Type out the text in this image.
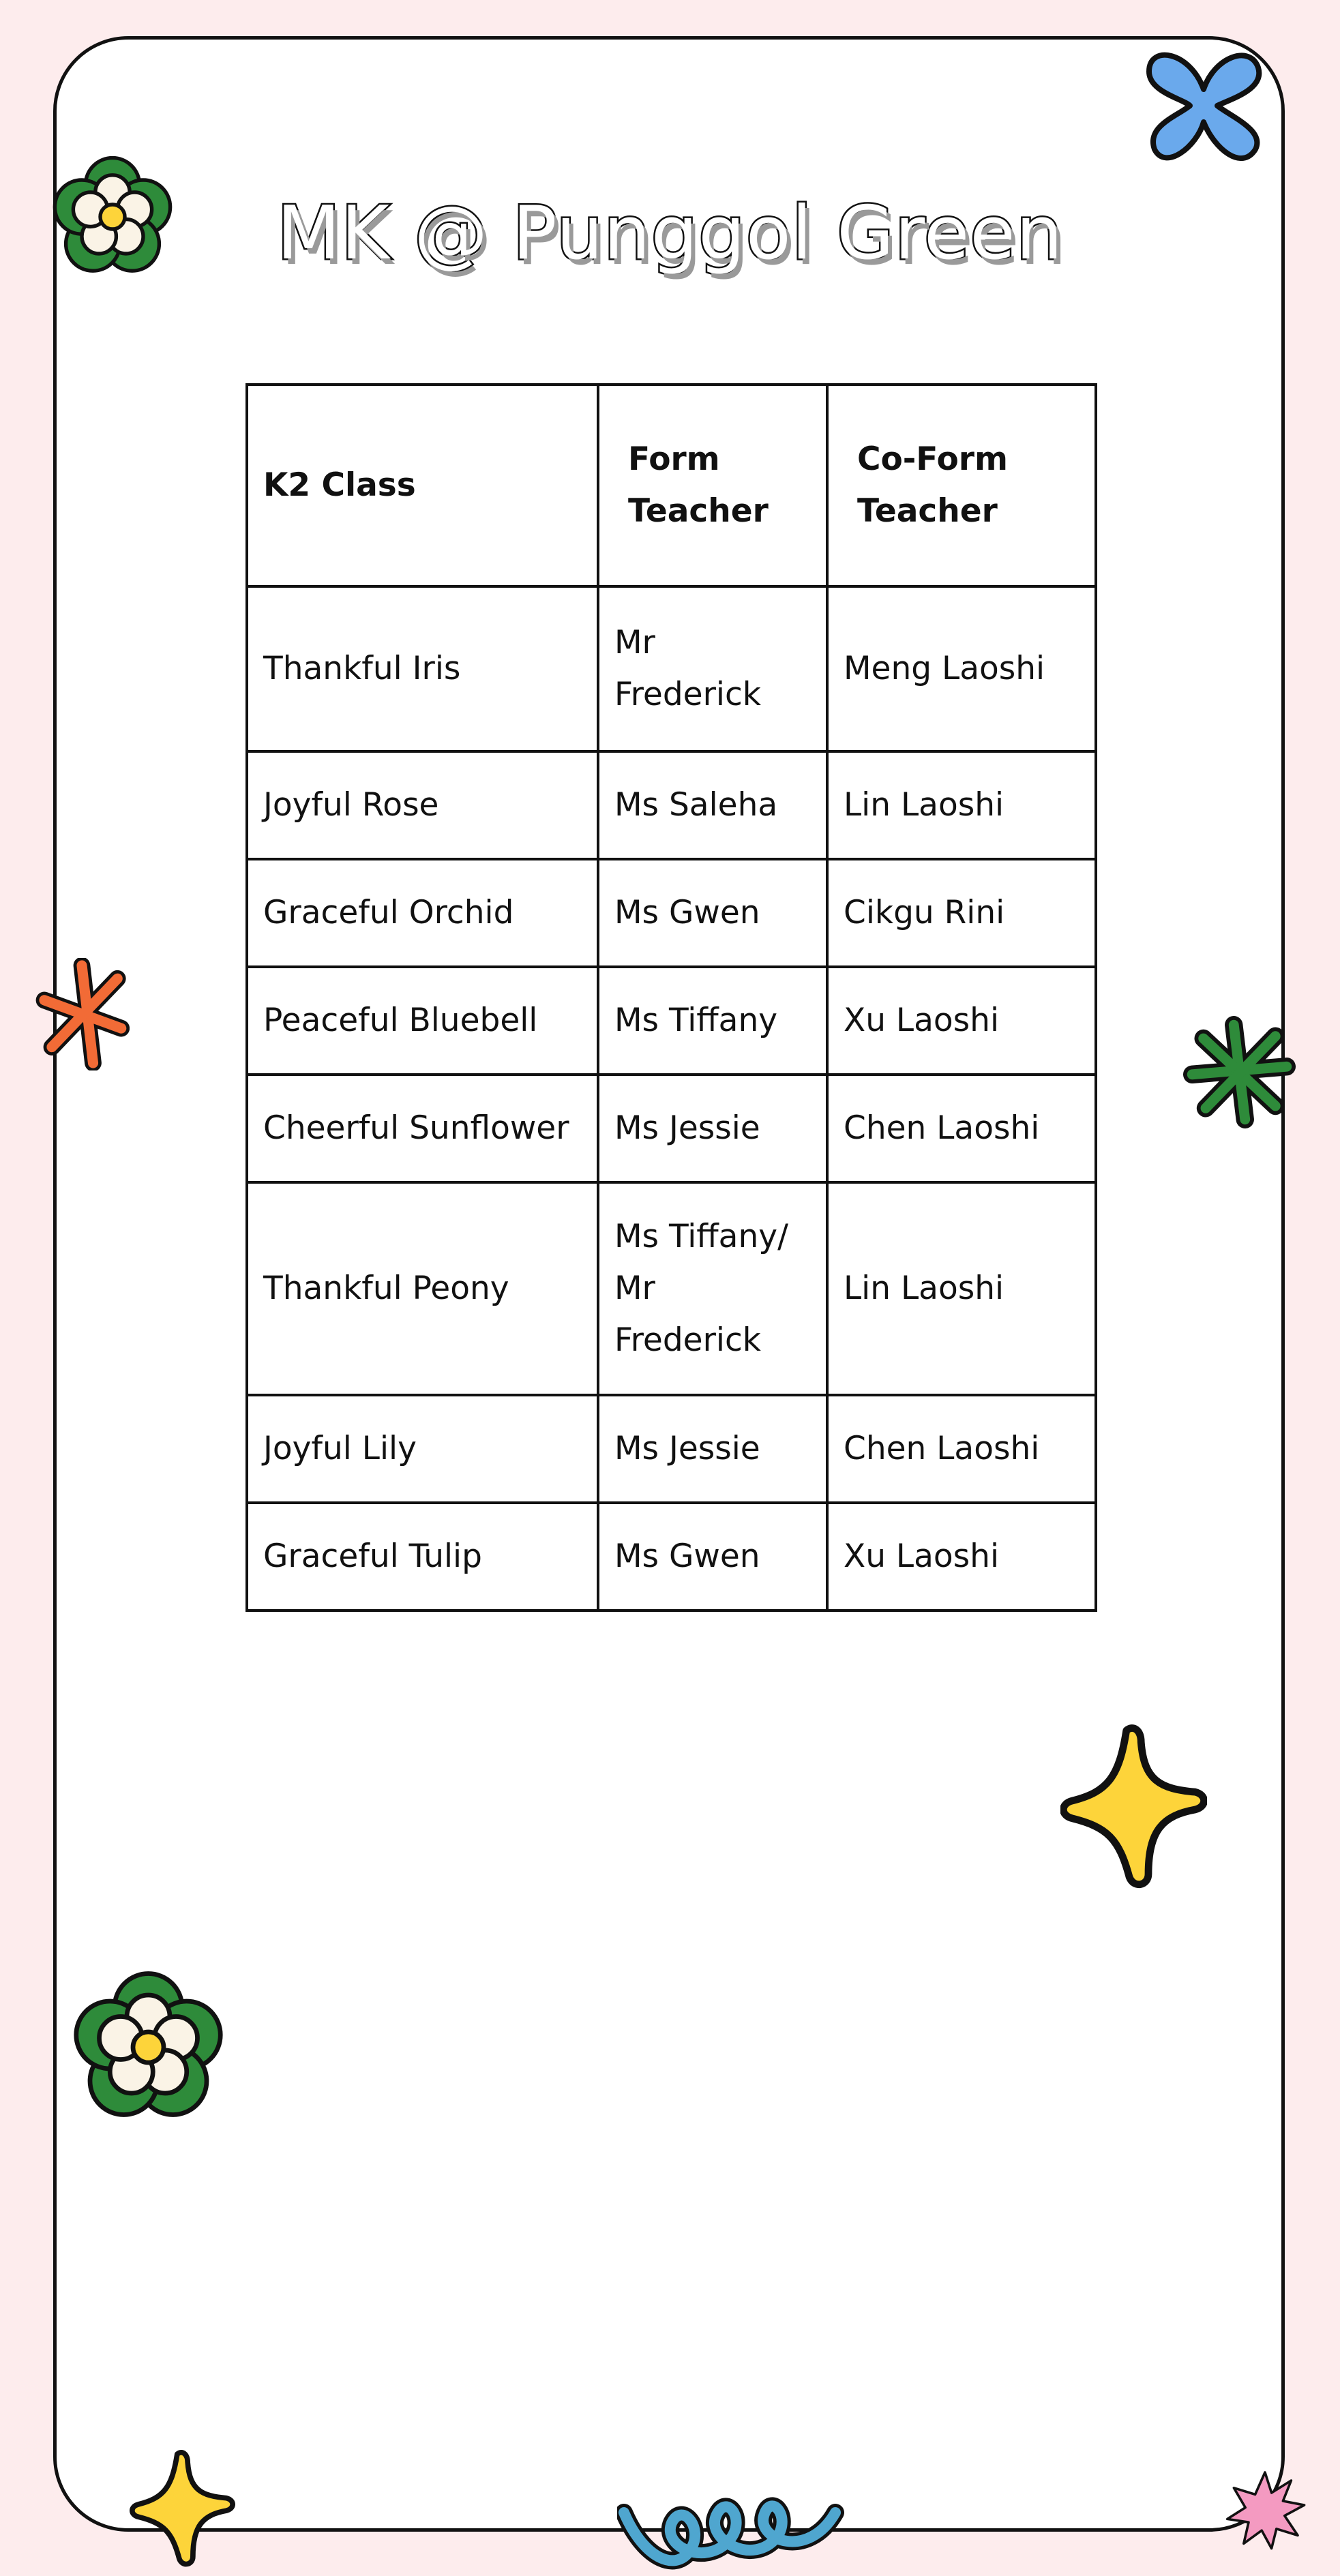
MK @ Punggol Green
K2 Class	Form Teacher	Co-Form Teacher
Thankful Iris	Mr Frederick	Meng Laoshi
Joyful Rose	Ms Saleha	Lin Laoshi
Graceful Orchid	Ms Gwen	Cikgu Rini
Peaceful Bluebell	Ms Tiffany	Xu Laoshi
Cheerful Sunflower	Ms Jessie	Chen Laoshi
Thankful Peony	Ms Tiffany/ Mr Frederick	Lin Laoshi
Joyful Lily	Ms Jessie	Chen Laoshi
Graceful Tulip	Ms Gwen	Xu Laoshi
